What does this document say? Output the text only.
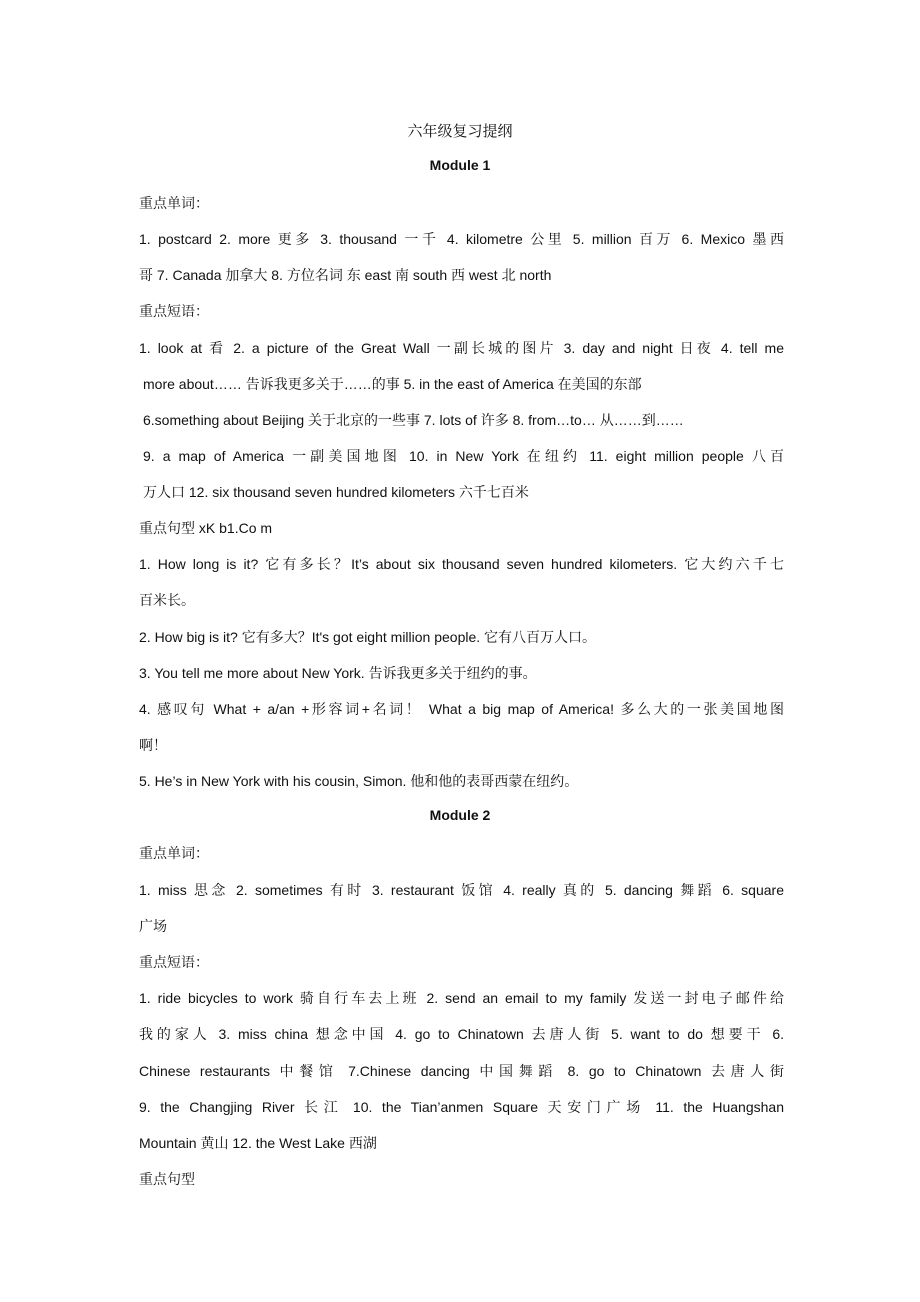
六年级复习提纲
Module 1
重点单词：
1. postcard 2. more 更多 3. thousand 一千 4. kilometre 公里 5. million 百万 6. Mexico 墨西
哥 7. Canada 加拿大 8. 方位名词 东 east 南 south 西 west 北 north
重点短语：
1. look at 看 2. a picture of the Great Wall 一副长城的图片 3. day and night 日夜 4. tell me
more about…… 告诉我更多关于……的事 5. in the east of America 在美国的东部
6.something about Beijing 关于北京的一些事 7. lots of 许多 8. from…to… 从……到……
9. a map of America 一副美国地图 10. in New York 在纽约 11. eight million people 八百
万人口 12. six thousand seven hundred kilometers 六千七百米
重点句型 xK b1.Co m
1. How long is it? 它有多长？It’s about six thousand seven hundred kilometers. 它大约六千七
百米长。
2. How big is it? 它有多大？It's got eight million people. 它有八百万人口。
3. You tell me more about New York. 告诉我更多关于纽约的事。
4. 感叹句 What + a/an +形容词+名词！ What a big map of America! 多么大的一张美国地图
啊！
5. He’s in New York with his cousin, Simon. 他和他的表哥西蒙在纽约。
Module 2
重点单词：
1. miss 思念 2. sometimes 有时 3. restaurant 饭馆 4. really 真的 5. dancing 舞蹈 6. square
广场
重点短语：
1. ride bicycles to work 骑自行车去上班 2. send an email to my family 发送一封电子邮件给
我的家人 3. miss china 想念中国 4. go to Chinatown 去唐人街 5. want to do 想要干 6.
Chinese restaurants 中餐馆 7.Chinese dancing 中国舞蹈 8. go to Chinatown 去唐人街
9. the Changjing River 长江 10. the Tian’anmen Square 天安门广场 11. the Huangshan
Mountain 黄山 12. the West Lake 西湖
重点句型
